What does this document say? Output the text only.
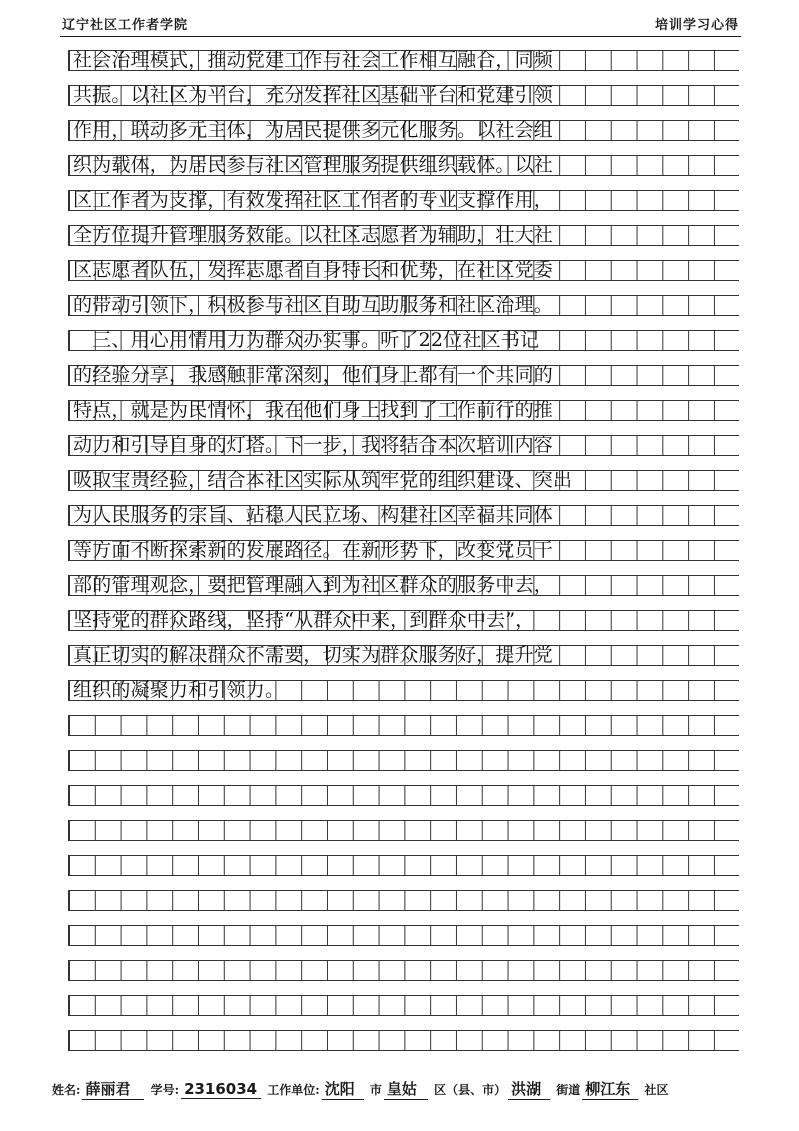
辽宁社区工作者学院	培训学习心得
社会治理模式，推动党建工作与社会工作相互融合，同频
共振。以社区为平台，充分发挥社区基础平台和党建引领
作用，联动多元主体，为居民提供多元化服务。以社会组
织为载体，为居民参与社区管理服务提供组织载体。以社
区工作者为支撑，有效发挥社区工作者的专业支撑作用，
全方位提升管理服务效能。以社区志愿者为辅助，壮大社
区志愿者队伍，发挥志愿者自身特长和优势，在社区党委
的带动引领下，积极参与社区自助互助服务和社区治理。
　三、用心用情用力为群众办实事。听了22位社区书记
的经验分享，我感触非常深刻，他们身上都有一个共同的
特点，就是为民情怀，我在他们身上找到了工作前行的推
动力和引导自身的灯塔。下一步，我将结合本次培训内容
吸取宝贵经验，结合本社区实际从筑牢党的组织建设、突出
为人民服务的宗旨、站稳人民立场、构建社区幸福共同体
等方面不断探索新的发展路径。在新形势下，改变党员干
部的管理观念，要把管理融入到为社区群众的服务中去，
坚持党的群众路线，坚持“从群众中来，到群众中去”，
真正切实的解决群众不需要，切实为群众服务好，提升党
组织的凝聚力和引领力。
姓名: 薛丽君 学号: 2316034 工作单位: 沈阳 市 皇姑 区（县、市） 洪湖 街道 柳江东 社区
